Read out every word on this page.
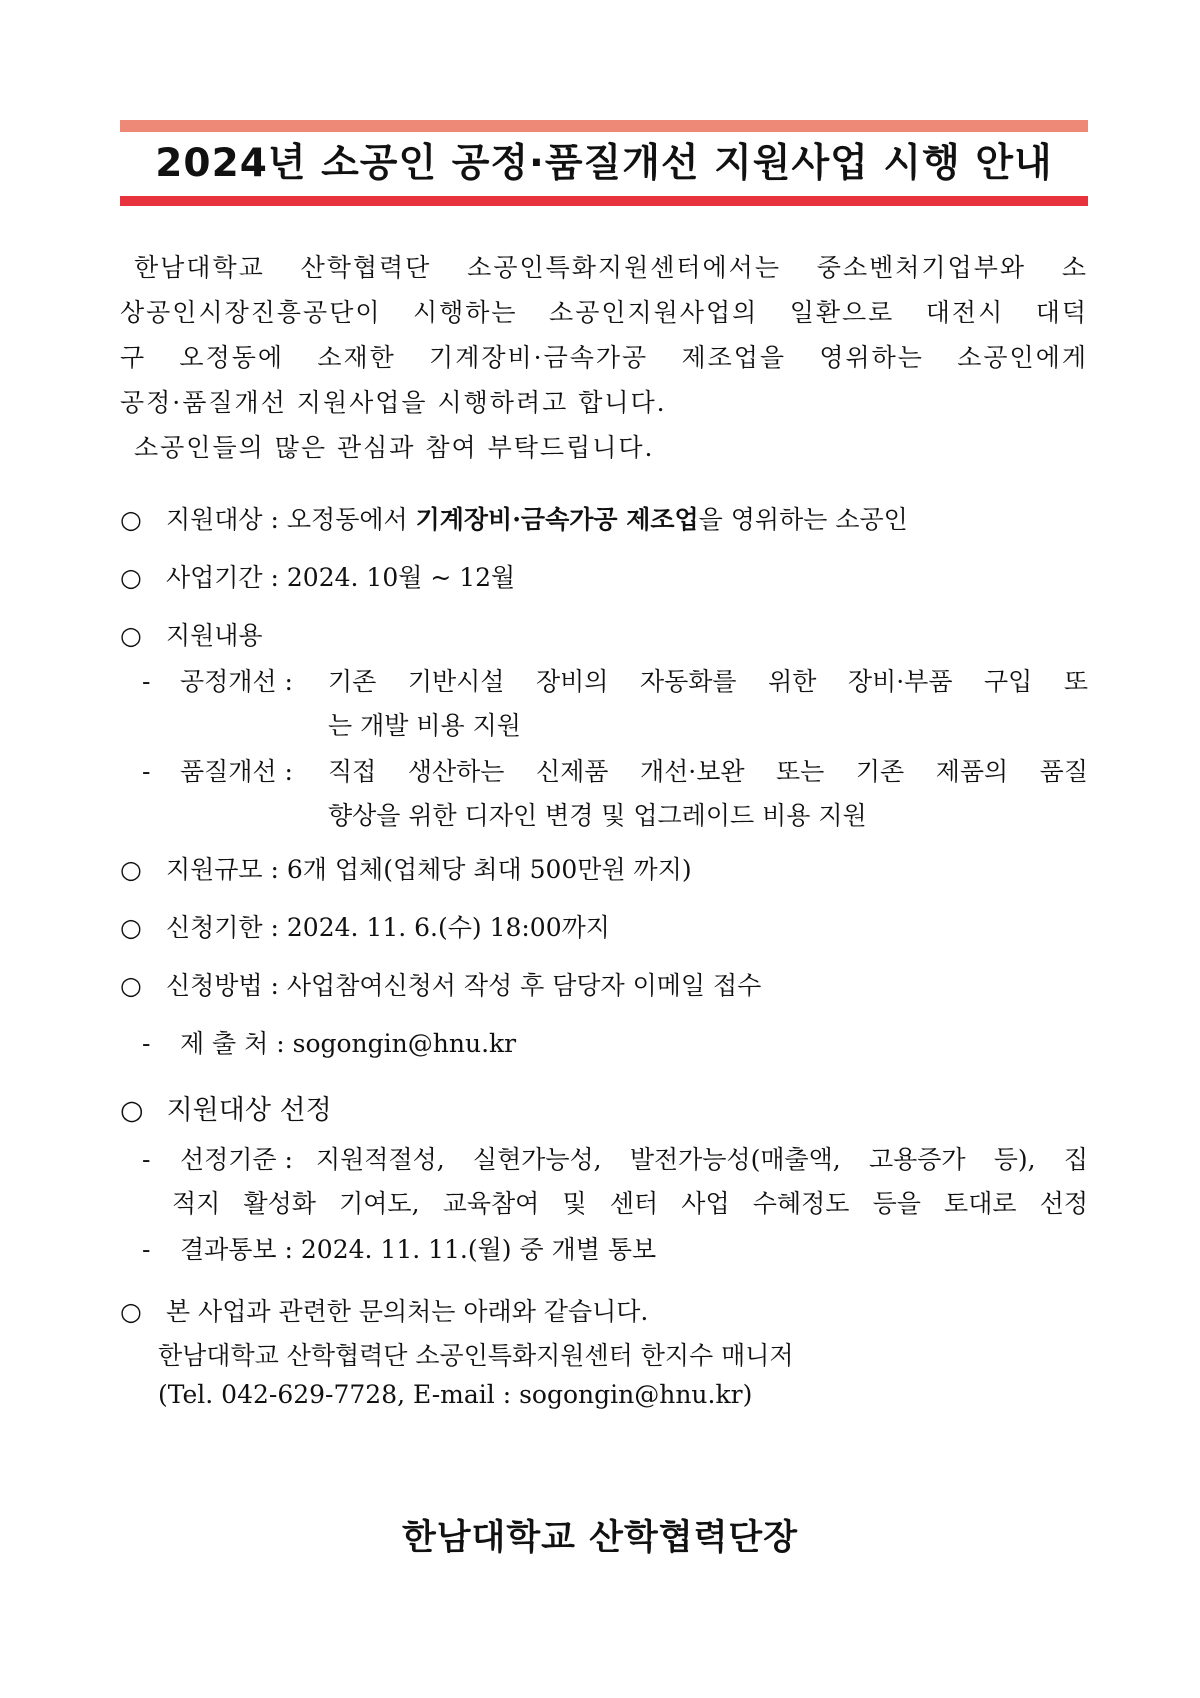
2024년 소공인 공정·품질개선 지원사업 시행 안내

한남대학교 산학협력단 소공인특화지원센터에서는 중소벤처기업부와 소

상공인시장진흥공단이 시행하는 소공인지원사업의 일환으로 대전시 대덕

구 오정동에 소재한 기계장비·금속가공 제조업을 영위하는 소공인에게

공정·품질개선 지원사업을 시행하려고 합니다.

소공인들의 많은 관심과 참여 부탁드립니다.

○ 지원대상 : 오정동에서 기계장비·금속가공 제조업을 영위하는 소공인
○ 사업기간 : 2024. 10월 ~ 12월
○ 지원내용
- 공정개선 :	기존 기반시설 장비의 자동화를 위한 장비·부품 구입 또
는 개발 비용 지원
- 품질개선 : 직접 생산하는 신제품 개선·보완 또는 기존 제품의 품질
향상을 위한 디자인 변경 및 업그레이드 비용 지원
○ 지원규모 : 6개 업체(업체당 최대 500만원 까지)
○ 신청기한 : 2024. 11. 6.(수) 18:00까지
○ 신청방법 : 사업참여신청서 작성 후 담당자 이메일 접수
- 제 출 처 : sogongin@hnu.kr
○ 지원대상 선정
- 선정기준 : 지원적절성, 실현가능성, 발전가능성(매출액, 고용증가 등), 집
적지 활성화 기여도, 교육참여 및 센터 사업 수혜정도 등을 토대로 선정
- 결과통보 : 2024. 11. 11.(월) 중 개별 통보
○ 본 사업과 관련한 문의처는 아래와 같습니다.
한남대학교 산학협력단 소공인특화지원센터 한지수 매니저
(Tel. 042-629-7728, E-mail : sogongin@hnu.kr)
한남대학교 산학협력단장
